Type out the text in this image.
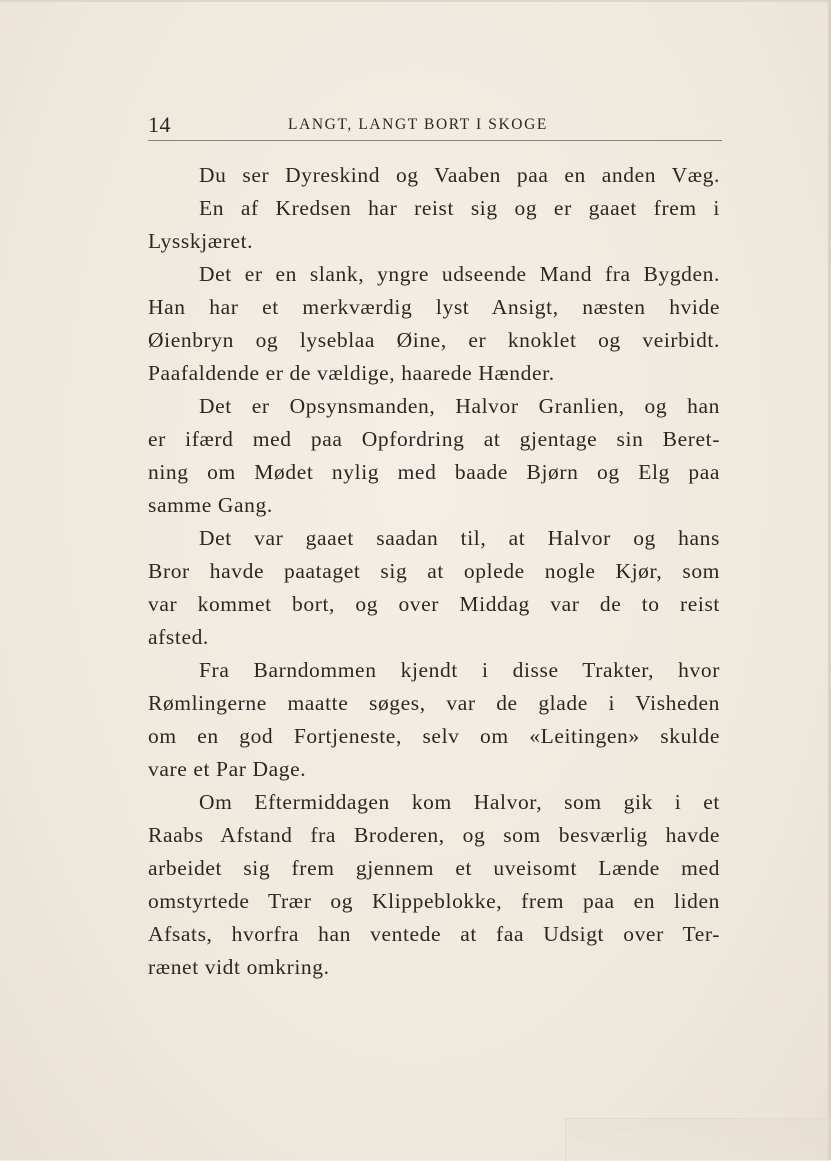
14	LANGT, LANGT BORT I SKOGE
Du ser Dyreskind og Vaaben paa en anden Væg.
En af Kredsen har reist sig og er gaaet frem i
Lysskjæret.
Det er en slank, yngre udseende Mand fra Bygden.
Han har et merkværdig lyst Ansigt, næsten hvide
Øienbryn og lyseblaa Øine, er knoklet og veirbidt.
Paafaldende er de vældige, haarede Hænder.
Det er Opsynsmanden, Halvor Granlien, og han
er ifærd med paa Opfordring at gjentage sin Beret-
ning om Mødet nylig med baade Bjørn og Elg paa
samme Gang.
Det var gaaet saadan til, at Halvor og hans
Bror havde paataget sig at oplede nogle Kjør, som
var kommet bort, og over Middag var de to reist
afsted.
Fra Barndommen kjendt i disse Trakter, hvor
Rømlingerne maatte søges, var de glade i Visheden
om en god Fortjeneste, selv om «Leitingen» skulde
vare et Par Dage.
Om Eftermiddagen kom Halvor, som gik i et
Raabs Afstand fra Broderen, og som besværlig havde
arbeidet sig frem gjennem et uveisomt Lænde med
omstyrtede Trær og Klippeblokke, frem paa en liden
Afsats, hvorfra han ventede at faa Udsigt over Ter-
rænet vidt omkring.
